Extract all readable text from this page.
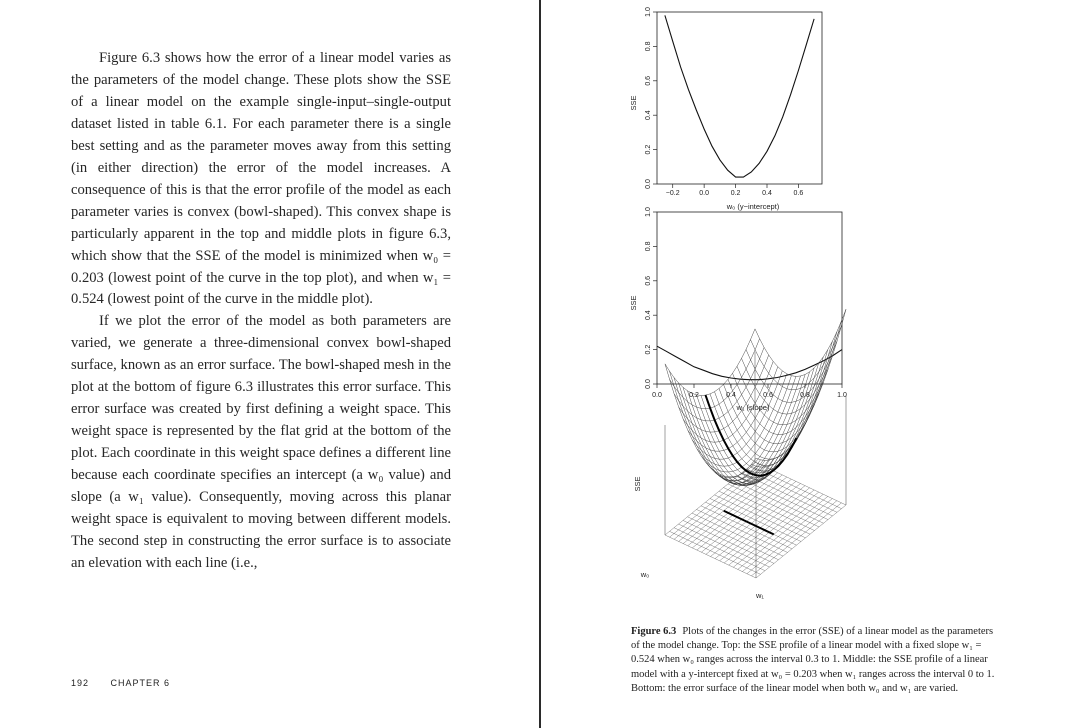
Figure 6.3 shows how the error of a linear model varies as the parameters of the model change. These plots show the SSE of a linear model on the example single-input–single-output dataset listed in table 6.1. For each parameter there is a single best setting and as the parameter moves away from this setting (in either direction) the error of the model increases. A consequence of this is that the error profile of the model as each parameter varies is convex (bowl-shaped). This convex shape is particularly apparent in the top and middle plots in figure 6.3, which show that the SSE of the model is minimized when w₀ = 0.203 (lowest point of the curve in the top plot), and when w₁ = 0.524 (lowest point of the curve in the middle plot).

If we plot the error of the model as both parameters are varied, we generate a three-dimensional convex bowl-shaped surface, known as an error surface. The bowl-shaped mesh in the plot at the bottom of figure 6.3 illustrates this error surface. This error surface was created by first defining a weight space. This weight space is represented by the flat grid at the bottom of the plot. Each coordinate in this weight space defines a different line because each coordinate specifies an intercept (a w₀ value) and slope (a w₁ value). Consequently, moving across this planar weight space is equivalent to moving between different models. The second step in constructing the error surface is to associate an elevation with each line (i.e.,

192 CHAPTER 6
SSE
w₀ (y−intercept)
0.0
0.2
0.4
0.6
0.8
1.0
−0.2	0.0	0.2	0.4	0.6
SSE
w₁ (slope)
0.0
0.2
0.4
0.6
0.8
1.0
0.0	0.2	0.4	0.6	0.8	1.0
SSE
w₀
w₁
Figure 6.3 Plots of the changes in the error (SSE) of a linear model as the parameters of the model change. Top: the SSE profile of a linear model with a fixed slope w₁ = 0.524 when w₀ ranges across the interval 0.3 to 1. Middle: the SSE profile of a linear model with a y-intercept fixed at w₀ = 0.203 when w₁ ranges across the interval 0 to 1. Bottom: the error surface of the linear model when both w₀ and w₁ are varied.
